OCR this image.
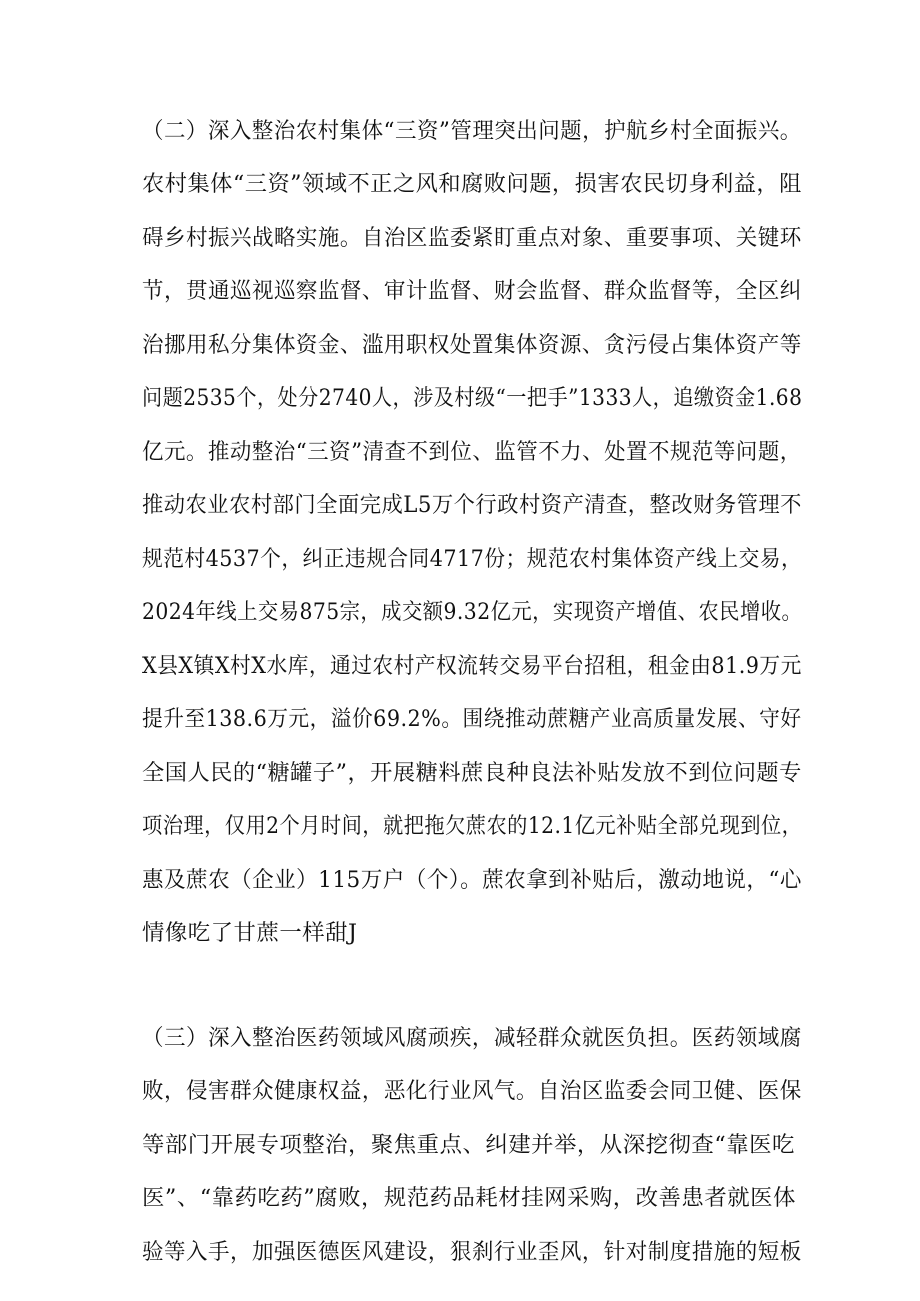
（二）深入整治农村集体“三资”管理突出问题，护航乡村全面振兴。
农村集体“三资”领域不正之风和腐败问题，损害农民切身利益，阻
碍乡村振兴战略实施。自治区监委紧盯重点对象、重要事项、关键环
节，贯通巡视巡察监督、审计监督、财会监督、群众监督等，全区纠
治挪用私分集体资金、滥用职权处置集体资源、贪污侵占集体资产等
问题2535个，处分2740人，涉及村级“一把手”1333人，追缴资金1.68
亿元。推动整治“三资”清查不到位、监管不力、处置不规范等问题，
推动农业农村部门全面完成L5万个行政村资产清查，整改财务管理不
规范村4537个，纠正违规合同4717份；规范农村集体资产线上交易，
2024年线上交易875宗，成交额9.32亿元，实现资产增值、农民增收。
X县X镇X村X水库，通过农村产权流转交易平台招租，租金由81.9万元
提升至138.6万元，溢价69.2%。围绕推动蔗糖产业高质量发展、守好
全国人民的“糖罐子”，开展糖料蔗良种良法补贴发放不到位问题专
项治理，仅用2个月时间，就把拖欠蔗农的12.1亿元补贴全部兑现到位，
惠及蔗农（企业）115万户（个）。蔗农拿到补贴后，激动地说，“心
情像吃了甘蔗一样甜J
（三）深入整治医药领域风腐顽疾，减轻群众就医负担。医药领域腐
败，侵害群众健康权益，恶化行业风气。自治区监委会同卫健、医保
等部门开展专项整治，聚焦重点、纠建并举，从深挖彻查“靠医吃
医”、“靠药吃药”腐败，规范药品耗材挂网采购，改善患者就医体
验等入手，加强医德医风建设，狠刹行业歪风，针对制度措施的短板
